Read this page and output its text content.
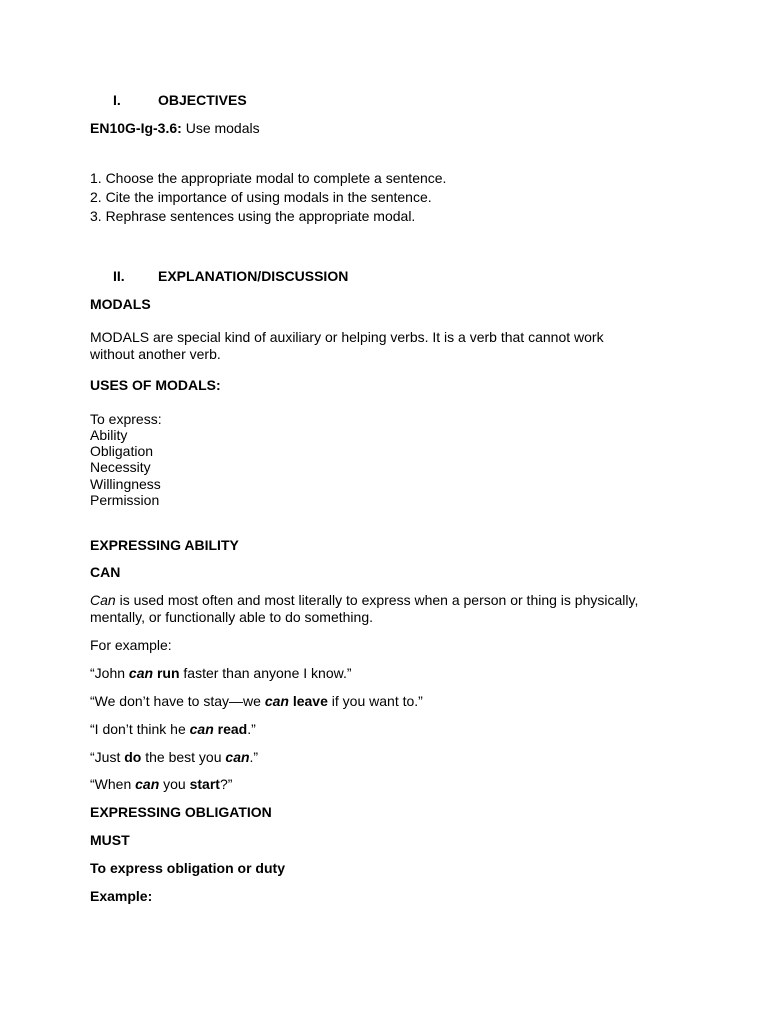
I.	OBJECTIVES

EN10G-Ig-3.6: Use modals

1. Choose the appropriate modal to complete a sentence.

2. Cite the importance of using modals in the sentence.

3. Rephrase sentences using the appropriate modal.

II. EXPLANATION/DISCUSSION

MODALS

MODALS are special kind of auxiliary or helping verbs. It is a verb that cannot work

without another verb.

USES OF MODALS:

To express:

Ability

Obligation

Necessity

Willingness

Permission

EXPRESSING ABILITY

CAN

Can is used most often and most literally to express when a person or thing is physically,

mentally, or functionally able to do something.

For example:

“John can run faster than anyone I know.”

“We don’t have to stay—we can leave if you want to.”

“I don’t think he can read.”

“Just do the best you can.”

“When can you start?”

EXPRESSING OBLIGATION

MUST

To express obligation or duty

Example:
